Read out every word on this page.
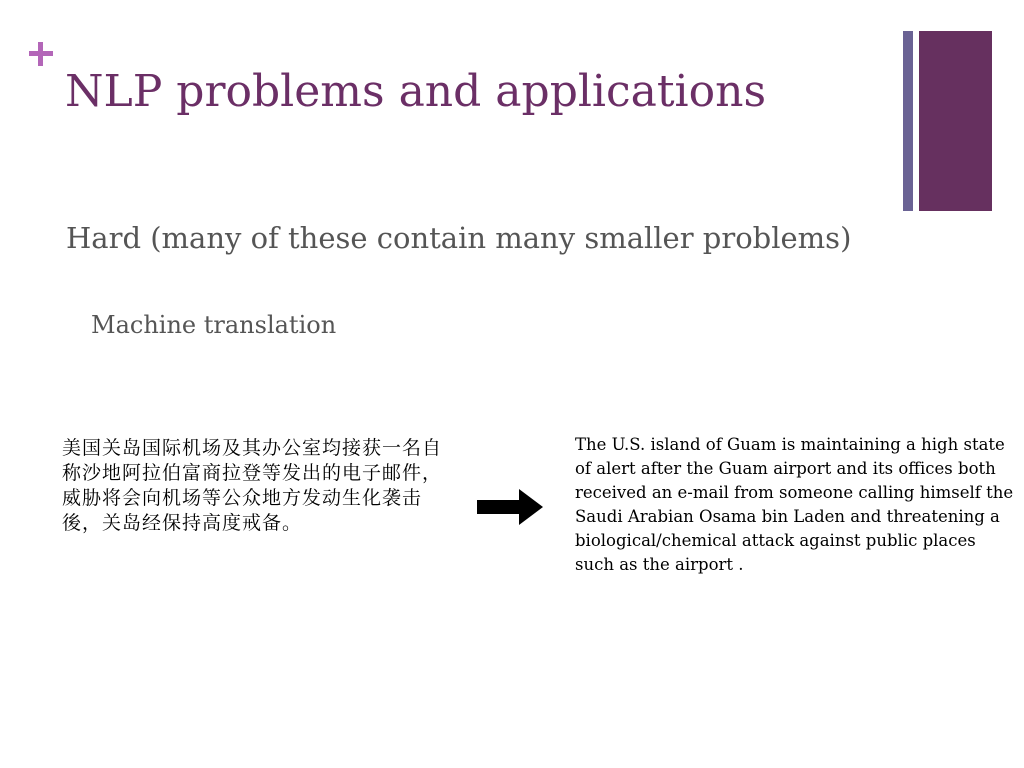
NLP problems and applications
Hard (many of these contain many smaller problems)
Machine translation
美国关岛国际机场及其办公室均接获一名自称沙地阿拉伯富商拉登等发出的电子邮件，威胁将会向机场等公众地方发动生化袭击後，关岛经保持高度戒备。
The U.S. island of Guam is maintaining a high state of alert after the Guam airport and its offices both received an e-mail from someone calling himself the Saudi Arabian Osama bin Laden and threatening a biological/chemical attack against public places such as the airport .
